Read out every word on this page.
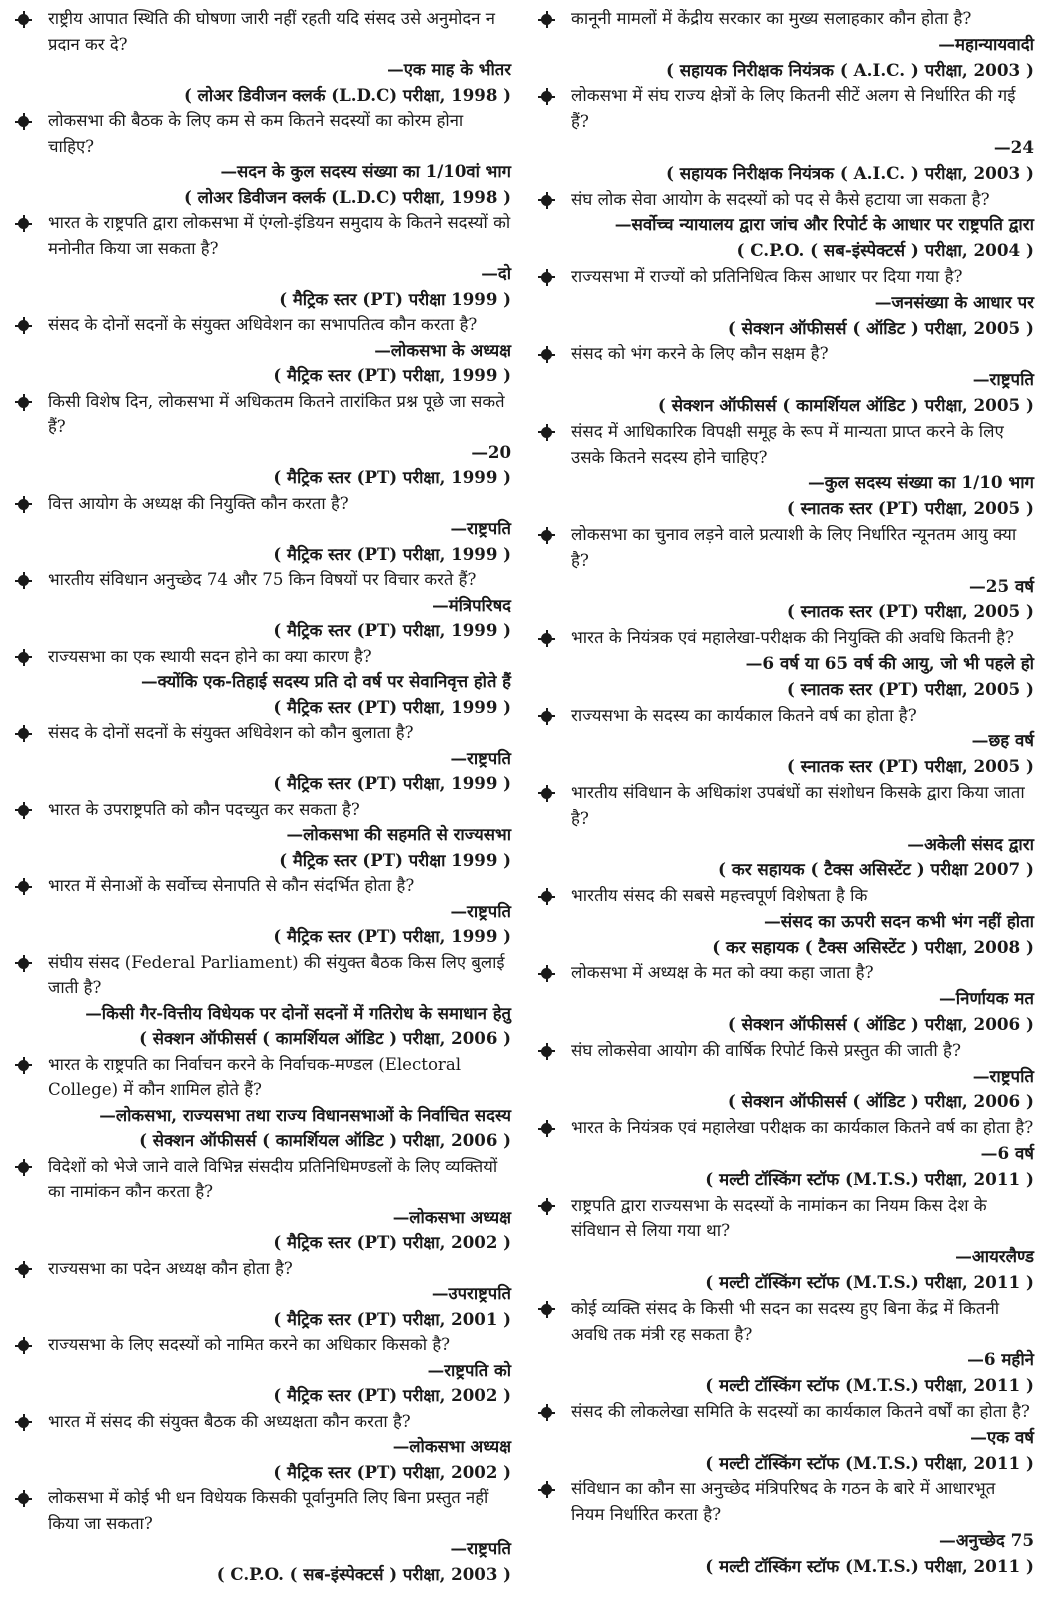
राष्ट्रीय आपात स्थिति की घोषणा जारी नहीं रहती यदि संसद उसे अनुमोदन न प्रदान कर दे?
—एक माह के भीतर
( लोअर डिवीजन क्लर्क (L.D.C) परीक्षा, 1998 )
लोकसभा की बैठक के लिए कम से कम कितने सदस्यों का कोरम होना चाहिए?
—सदन के कुल सदस्य संख्या का 1/10वां भाग
( लोअर डिवीजन क्लर्क (L.D.C) परीक्षा, 1998 )
भारत के राष्ट्रपति द्वारा लोकसभा में एंग्लो-इंडियन समुदाय के कितने सदस्यों को मनोनीत किया जा सकता है?
—दो
( मैट्रिक स्तर (PT) परीक्षा 1999 )
संसद के दोनों सदनों के संयुक्त अधिवेशन का सभापतित्व कौन करता है?
—लोकसभा के अध्यक्ष
( मैट्रिक स्तर (PT) परीक्षा, 1999 )
किसी विशेष दिन, लोकसभा में अधिकतम कितने तारांकित प्रश्न पूछे जा सकते हैं?
—20
( मैट्रिक स्तर (PT) परीक्षा, 1999 )
वित्त आयोग के अध्यक्ष की नियुक्ति कौन करता है?
—राष्ट्रपति
( मैट्रिक स्तर (PT) परीक्षा, 1999 )
भारतीय संविधान अनुच्छेद 74 और 75 किन विषयों पर विचार करते हैं?
—मंत्रिपरिषद
( मैट्रिक स्तर (PT) परीक्षा, 1999 )
राज्यसभा का एक स्थायी सदन होने का क्या कारण है?
—क्योंकि एक-तिहाई सदस्य प्रति दो वर्ष पर सेवानिवृत्त होते हैं
( मैट्रिक स्तर (PT) परीक्षा, 1999 )
संसद के दोनों सदनों के संयुक्त अधिवेशन को कौन बुलाता है?
—राष्ट्रपति
( मैट्रिक स्तर (PT) परीक्षा, 1999 )
भारत के उपराष्ट्रपति को कौन पदच्युत कर सकता है?
—लोकसभा की सहमति से राज्यसभा
( मैट्रिक स्तर (PT) परीक्षा 1999 )
भारत में सेनाओं के सर्वोच्च सेनापति से कौन संदर्भित होता है?
—राष्ट्रपति
( मैट्रिक स्तर (PT) परीक्षा, 1999 )
संघीय संसद (Federal Parliament) की संयुक्त बैठक किस लिए बुलाई जाती है?
—किसी गैर-वित्तीय विधेयक पर दोनों सदनों में गतिरोध के समाधान हेतु
( सेक्शन ऑफीसर्स ( कामर्शियल ऑडिट ) परीक्षा, 2006 )
भारत के राष्ट्रपति का निर्वाचन करने के निर्वाचक-मण्डल (Electoral College) में कौन शामिल होते हैं?
—लोकसभा, राज्यसभा तथा राज्य विधानसभाओं के निर्वाचित सदस्य
( सेक्शन ऑफीसर्स ( कामर्शियल ऑडिट ) परीक्षा, 2006 )
विदेशों को भेजे जाने वाले विभिन्न संसदीय प्रतिनिधिमण्डलों के लिए व्यक्तियों का नामांकन कौन करता है?
—लोकसभा अध्यक्ष
( मैट्रिक स्तर (PT) परीक्षा, 2002 )
राज्यसभा का पदेन अध्यक्ष कौन होता है?
—उपराष्ट्रपति
( मैट्रिक स्तर (PT) परीक्षा, 2001 )
राज्यसभा के लिए सदस्यों को नामित करने का अधिकार किसको है?
—राष्ट्रपति को
( मैट्रिक स्तर (PT) परीक्षा, 2002 )
भारत में संसद की संयुक्त बैठक की अध्यक्षता कौन करता है?
—लोकसभा अध्यक्ष
( मैट्रिक स्तर (PT) परीक्षा, 2002 )
लोकसभा में कोई भी धन विधेयक किसकी पूर्वानुमति लिए बिना प्रस्तुत नहीं किया जा सकता?
—राष्ट्रपति
( C.P.O. ( सब-इंस्पेक्टर्स ) परीक्षा, 2003 )
कानूनी मामलों में केंद्रीय सरकार का मुख्य सलाहकार कौन होता है?
—महान्यायवादी
( सहायक निरीक्षक नियंत्रक ( A.I.C. ) परीक्षा, 2003 )
लोकसभा में संघ राज्य क्षेत्रों के लिए कितनी सीटें अलग से निर्धारित की गई हैं?
—24
( सहायक निरीक्षक नियंत्रक ( A.I.C. ) परीक्षा, 2003 )
संघ लोक सेवा आयोग के सदस्यों को पद से कैसे हटाया जा सकता है?
—सर्वोच्च न्यायालय द्वारा जांच और रिपोर्ट के आधार पर राष्ट्रपति द्वारा
( C.P.O. ( सब-इंस्पेक्टर्स ) परीक्षा, 2004 )
राज्यसभा में राज्यों को प्रतिनिधित्व किस आधार पर दिया गया है?
—जनसंख्या के आधार पर
( सेक्शन ऑफीसर्स ( ऑडिट ) परीक्षा, 2005 )
संसद को भंग करने के लिए कौन सक्षम है?
—राष्ट्रपति
( सेक्शन ऑफीसर्स ( कामर्शियल ऑडिट ) परीक्षा, 2005 )
संसद में आधिकारिक विपक्षी समूह के रूप में मान्यता प्राप्त करने के लिए उसके कितने सदस्य होने चाहिए?
—कुल सदस्य संख्या का 1/10 भाग
( स्नातक स्तर (PT) परीक्षा, 2005 )
लोकसभा का चुनाव लड़ने वाले प्रत्याशी के लिए निर्धारित न्यूनतम आयु क्या है?
—25 वर्ष
( स्नातक स्तर (PT) परीक्षा, 2005 )
भारत के नियंत्रक एवं महालेखा-परीक्षक की नियुक्ति की अवधि कितनी है?
—6 वर्ष या 65 वर्ष की आयु, जो भी पहले हो
( स्नातक स्तर (PT) परीक्षा, 2005 )
राज्यसभा के सदस्य का कार्यकाल कितने वर्ष का होता है?
—छह वर्ष
( स्नातक स्तर (PT) परीक्षा, 2005 )
भारतीय संविधान के अधिकांश उपबंधों का संशोधन किसके द्वारा किया जाता है?
—अकेली संसद द्वारा
( कर सहायक ( टैक्स असिस्टेंट ) परीक्षा 2007 )
भारतीय संसद की सबसे महत्त्वपूर्ण विशेषता है कि
—संसद का ऊपरी सदन कभी भंग नहीं होता
( कर सहायक ( टैक्स असिस्टेंट ) परीक्षा, 2008 )
लोकसभा में अध्यक्ष के मत को क्या कहा जाता है?
—निर्णायक मत
( सेक्शन ऑफीसर्स ( ऑडिट ) परीक्षा, 2006 )
संघ लोकसेवा आयोग की वार्षिक रिपोर्ट किसे प्रस्तुत की जाती है?
—राष्ट्रपति
( सेक्शन ऑफीसर्स ( ऑडिट ) परीक्षा, 2006 )
भारत के नियंत्रक एवं महालेखा परीक्षक का कार्यकाल कितने वर्ष का होता है?
—6 वर्ष
( मल्टी टॉस्किंग स्टॉफ (M.T.S.) परीक्षा, 2011 )
राष्ट्रपति द्वारा राज्यसभा के सदस्यों के नामांकन का नियम किस देश के संविधान से लिया गया था?
—आयरलैण्ड
( मल्टी टॉस्किंग स्टॉफ (M.T.S.) परीक्षा, 2011 )
कोई व्यक्ति संसद के किसी भी सदन का सदस्य हुए बिना केंद्र में कितनी अवधि तक मंत्री रह सकता है?
—6 महीने
( मल्टी टॉस्किंग स्टॉफ (M.T.S.) परीक्षा, 2011 )
संसद की लोकलेखा समिति के सदस्यों का कार्यकाल कितने वर्षों का होता है?
—एक वर्ष
( मल्टी टॉस्किंग स्टॉफ (M.T.S.) परीक्षा, 2011 )
संविधान का कौन सा अनुच्छेद मंत्रिपरिषद के गठन के बारे में आधारभूत नियम निर्धारित करता है?
—अनुच्छेद 75
( मल्टी टॉस्किंग स्टॉफ (M.T.S.) परीक्षा, 2011 )
